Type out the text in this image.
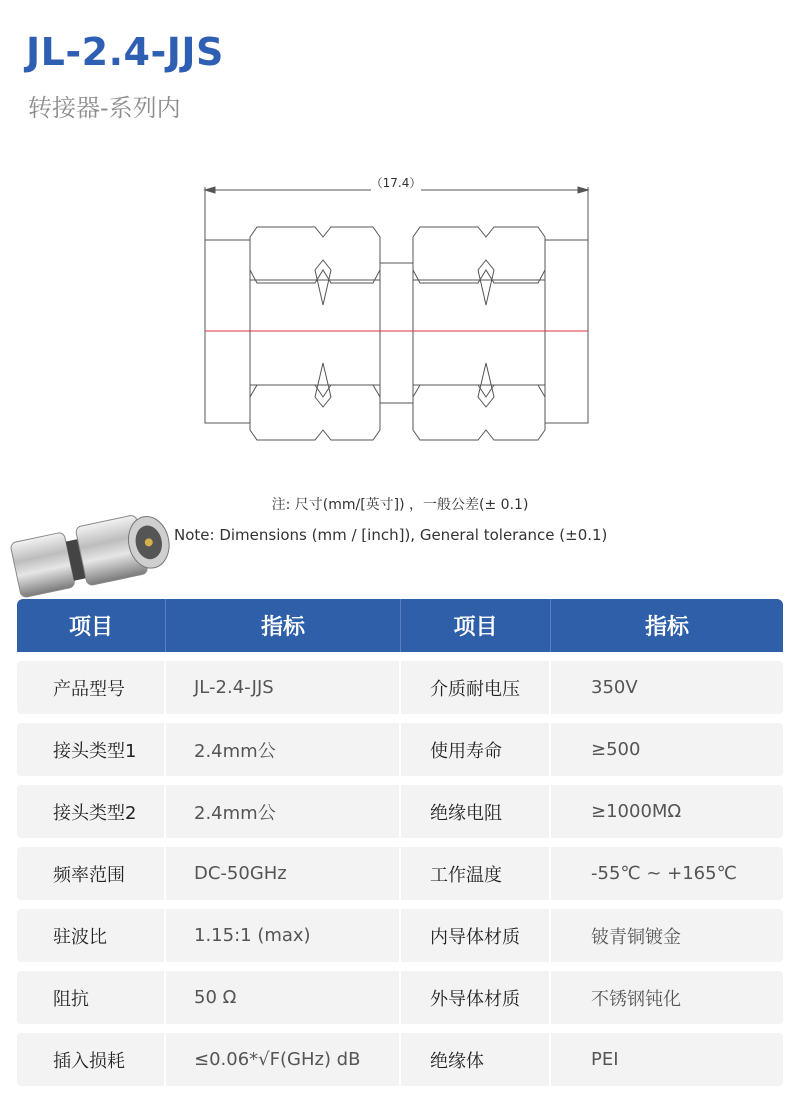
JL-2.4-JJS
转接器-系列内
（17.4）
注: 尺寸(mm/[英寸]) ，一般公差(± 0.1)
Note: Dimensions (mm / [inch]), General tolerance (±0.1)
项目	指标	项目	指标
产品型号	JL-2.4-JJS	介质耐电压	350V
接头类型1	2.4mm公	使用寿命	≥500
接头类型2	2.4mm公	绝缘电阻	≥1000MΩ
频率范围	DC-50GHz	工作温度	-55℃ ~ +165℃
驻波比	1.15:1 (max)	内导体材质	铍青铜镀金
阻抗	50 Ω	外导体材质	不锈钢钝化
插入损耗	≤0.06*√F(GHz) dB	绝缘体	PEI
